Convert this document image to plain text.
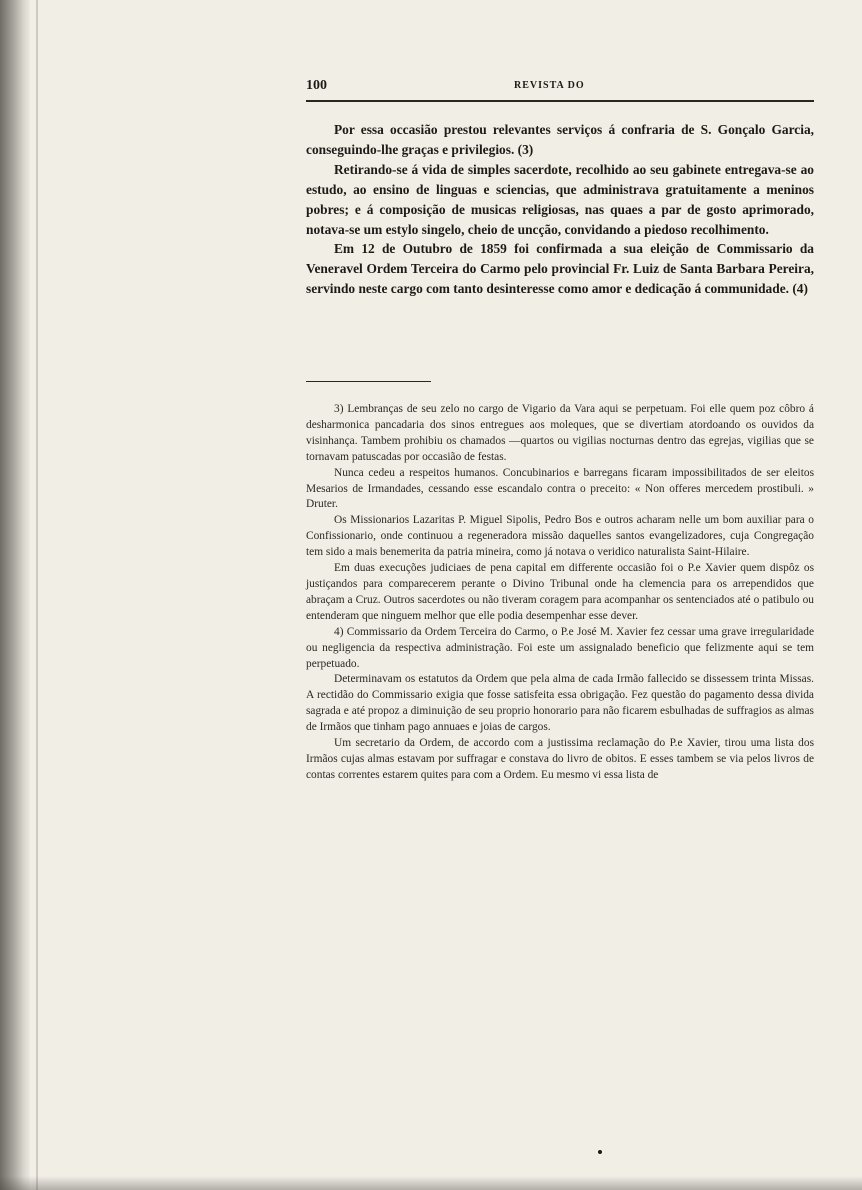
100	REVISTA DO

Por essa occasião prestou relevantes serviços á confraria de S. Gonçalo Garcia, conseguindo-lhe graças e privilegios. (3)

Retirando-se á vida de simples sacerdote, recolhido ao seu gabinete entregava-se ao estudo, ao ensino de linguas e sciencias, que administrava gratuitamente a meninos pobres; e á composição de musicas religiosas, nas quaes a par de gosto aprimorado, notava-se um estylo singelo, cheio de uncção, convidando a piedoso recolhimento.

Em 12 de Outubro de 1859 foi confirmada a sua eleição de Commissario da Veneravel Ordem Terceira do Carmo pelo provincial Fr. Luiz de Santa Barbara Pereira, servindo neste cargo com tanto desinteresse como amor e dedicação á communidade. (4)

3) Lembranças de seu zelo no cargo de Vigario da Vara aqui se perpetuam. Foi elle quem poz côbro á desharmonica pancadaria dos sinos entregues aos moleques, que se divertiam atordoando os ouvidos da visinhança. Tambem prohibiu os chamados —quartos ou vigilias nocturnas dentro das egrejas, vigilias que se tornavam patuscadas por occasião de festas.

Nunca cedeu a respeitos humanos. Concubinarios e barregans ficaram impossibilitados de ser eleitos Mesarios de Irmandades, cessando esse escandalo contra o preceito: « Non offeres mercedem prostibuli. » Druter.

Os Missionarios Lazaritas P. Miguel Sipolis, Pedro Bos e outros acharam nelle um bom auxiliar para o Confissionario, onde continuou a regeneradora missão daquelles santos evangelizadores, cuja Congregação tem sido a mais benemerita da patria mineira, como já notava o veridico naturalista Saint-Hilaire.

Em duas execuções judiciaes de pena capital em differente occasião foi o P.e Xavier quem dispôz os justiçandos para comparecerem perante o Divino Tribunal onde ha clemencia para os arrependidos que abraçam a Cruz. Outros sacerdotes ou não tiveram coragem para acompanhar os sentenciados até o patibulo ou entenderam que ninguem melhor que elle podia desempenhar esse dever.

4) Commissario da Ordem Terceira do Carmo, o P.e José M. Xavier fez cessar uma grave irregularidade ou negligencia da respectiva administração. Foi este um assignalado beneficio que felizmente aqui se tem perpetuado.

Determinavam os estatutos da Ordem que pela alma de cada Irmão fallecido se dissessem trinta Missas. A rectidão do Commissario exigia que fosse satisfeita essa obrigação. Fez questão do pagamento dessa divida sagrada e até propoz a diminuição de seu proprio honorario para não ficarem esbulhadas de suffragios as almas de Irmãos que tinham pago annuaes e joias de cargos.

Um secretario da Ordem, de accordo com a justissima reclamação do P.e Xavier, tirou uma lista dos Irmãos cujas almas estavam por suffragar e constava do livro de obitos. E esses tambem se via pelos livros de contas correntes estarem quites para com a Ordem. Eu mesmo vi essa lista de
